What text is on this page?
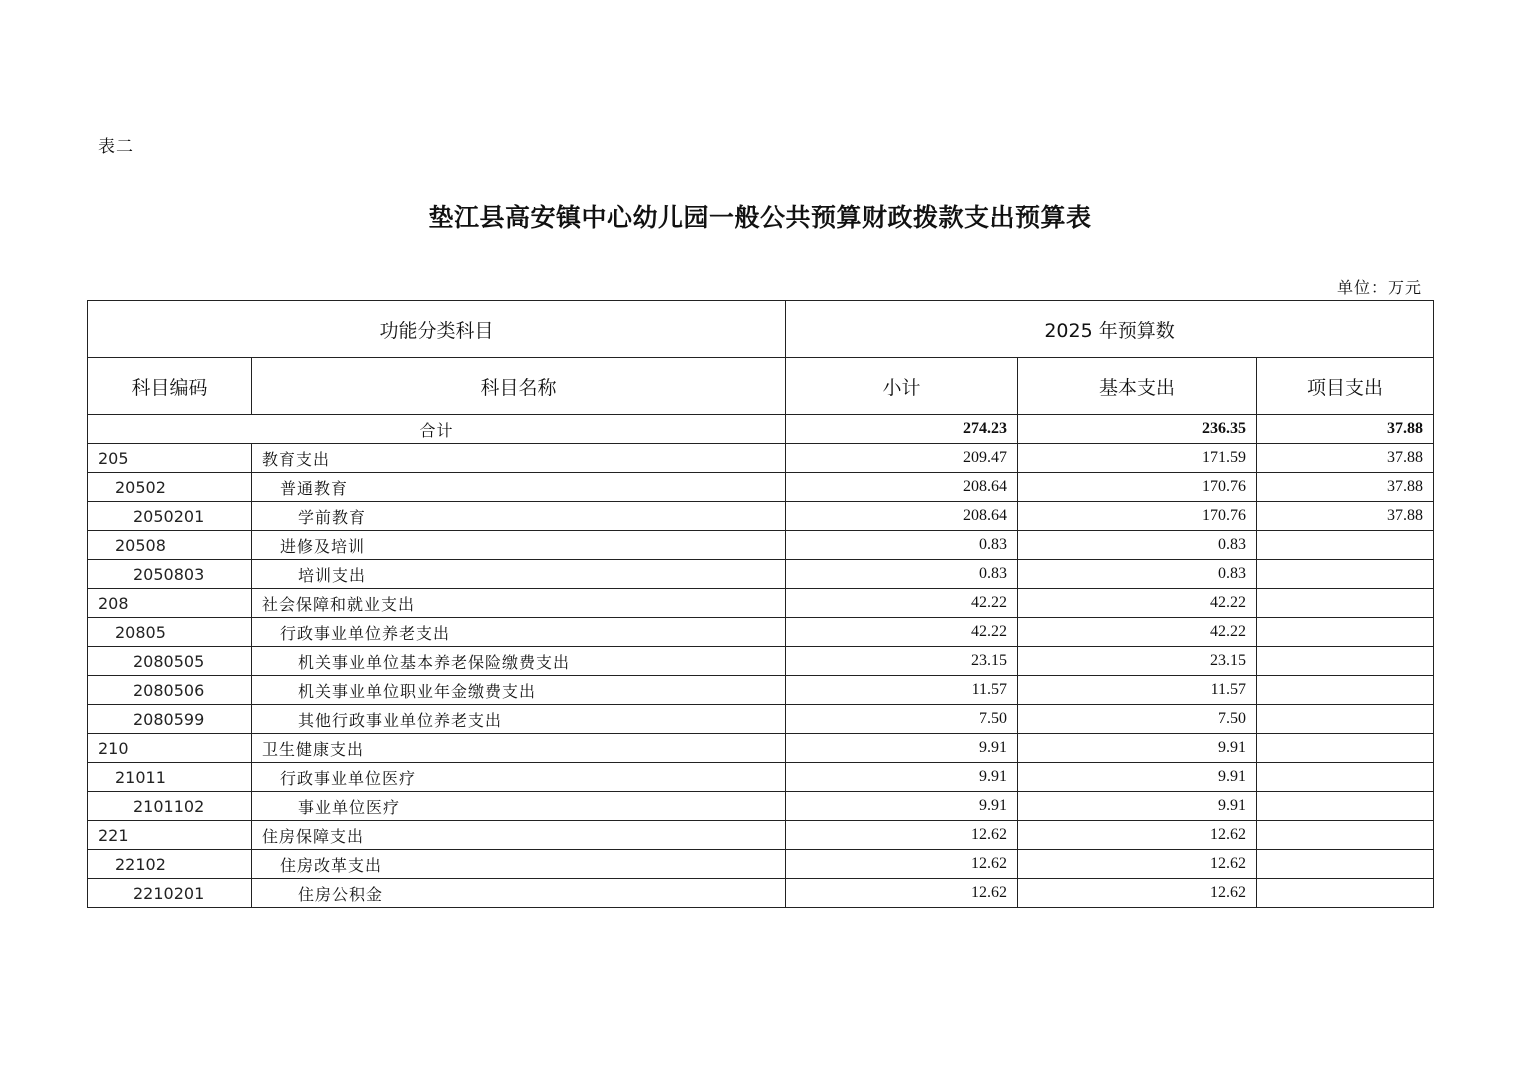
表二
垫江县高安镇中心幼儿园一般公共预算财政拨款支出预算表
单位：万元
功能分类科目		2025 年预算数		
科目编码	科目名称	小计	基本支出	项目支出
合计		274.23	236.35	37.88
205	教育支出	209.47	171.59	37.88
20502	普通教育	208.64	170.76	37.88
2050201	学前教育	208.64	170.76	37.88
20508	进修及培训	0.83	0.83	
2050803	培训支出	0.83	0.83	
208	社会保障和就业支出	42.22	42.22	
20805	行政事业单位养老支出	42.22	42.22	
2080505	机关事业单位基本养老保险缴费支出	23.15	23.15	
2080506	机关事业单位职业年金缴费支出	11.57	11.57	
2080599	其他行政事业单位养老支出	7.50	7.50	
210	卫生健康支出	9.91	9.91	
21011	行政事业单位医疗	9.91	9.91	
2101102	事业单位医疗	9.91	9.91	
221	住房保障支出	12.62	12.62	
22102	住房改革支出	12.62	12.62	
2210201	住房公积金	12.62	12.62	
